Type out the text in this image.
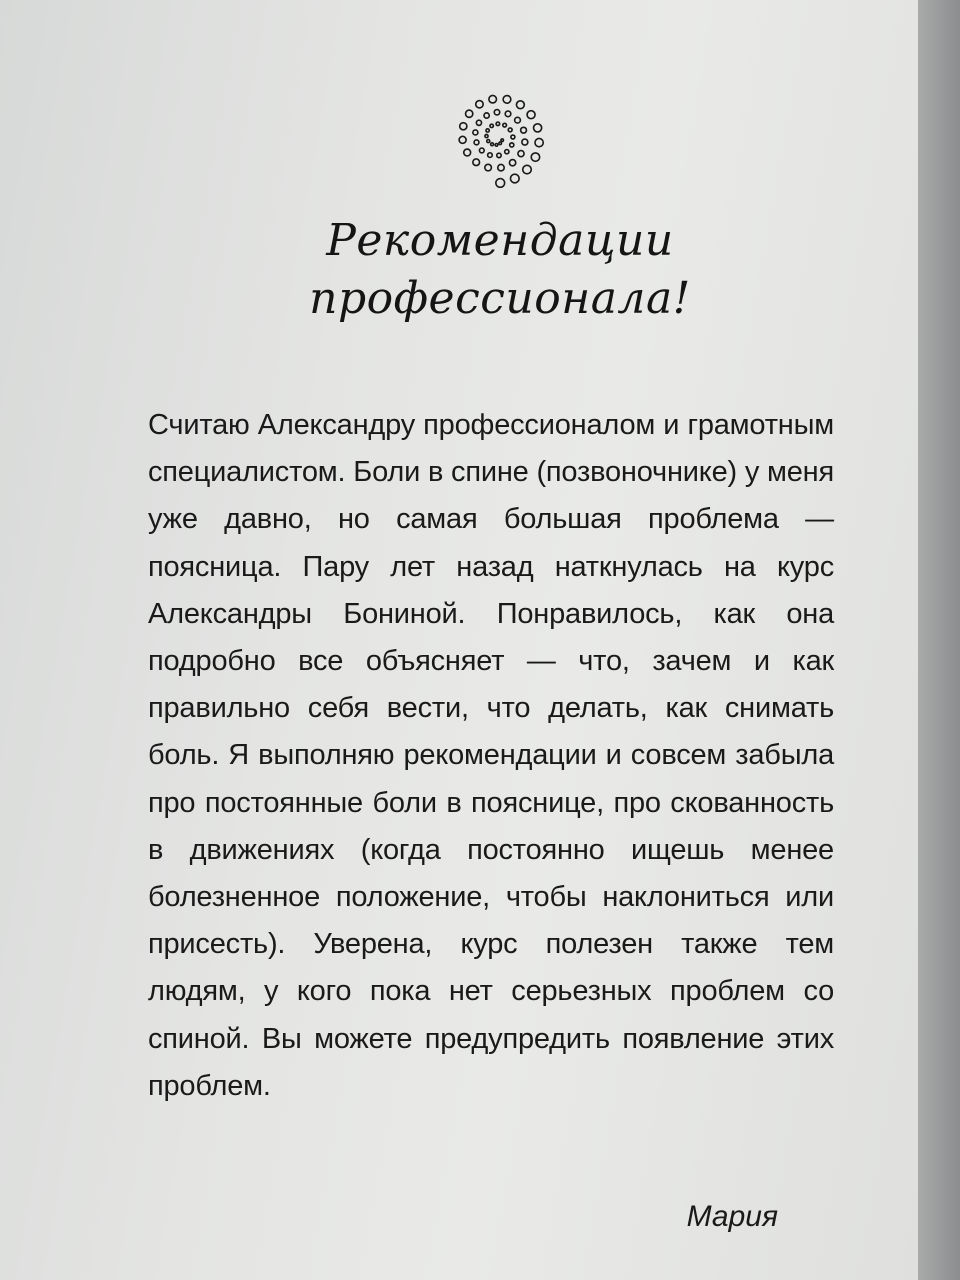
Рекомендации
профессионала!

Считаю Александру профессионалом и грамотным специалистом. Боли в спине (позвоночнике) у меня уже давно, но самая большая проблема — поясница. Пару лет назад наткнулась на курс Александры Бониной. Понравилось, как она подробно все объясняет — что, зачем и как правильно себя вести, что делать, как снимать боль. Я выполняю рекомендации и совсем забыла про постоянные боли в пояснице, про скованность в движениях (когда постоянно ищешь менее болезненное положение, чтобы наклониться или присесть). Уверена, курс полезен также тем людям, у кого пока нет серьезных проблем со спиной. Вы можете предупредить появление этих проблем.

Мария
